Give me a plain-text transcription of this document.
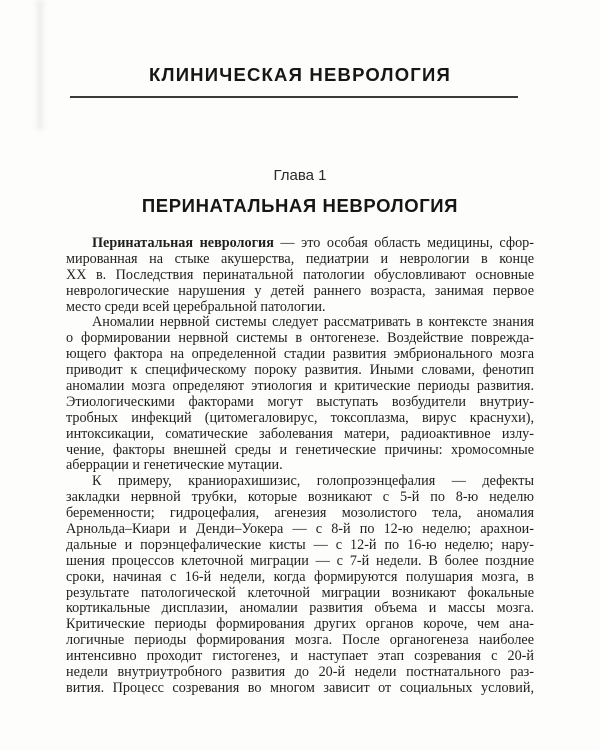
КЛИНИЧЕСКАЯ НЕВРОЛОГИЯ
Глава 1
ПЕРИНАТАЛЬНАЯ НЕВРОЛОГИЯ
Перинатальная неврология — это особая область медицины, сфор-
мированная на стыке акушерства, педиатрии и неврологии в конце
XX в. Последствия перинатальной патологии обусловливают основные
неврологические нарушения у детей раннего возраста, занимая первое
место среди всей церебральной патологии.
Аномалии нервной системы следует рассматривать в контексте знания
о формировании нервной системы в онтогенезе. Воздействие поврежда-
ющего фактора на определенной стадии развития эмбрионального мозга
приводит к специфическому пороку развития. Иными словами, фенотип
аномалии мозга определяют этиология и критические периоды развития.
Этиологическими факторами могут выступать возбудители внутриу-
тробных инфекций (цитомегаловирус, токсоплазма, вирус краснухи),
интоксикации, соматические заболевания матери, радиоактивное излу-
чение, факторы внешней среды и генетические причины: хромосомные
аберрации и генетические мутации.
К примеру, краниорахишизис, голопрозэнцефалия — дефекты
закладки нервной трубки, которые возникают с 5-й по 8-ю неделю
беременности; гидроцефалия, агенезия мозолистого тела, аномалия
Арнольда–Киари и Денди–Уокера — с 8-й по 12-ю неделю; арахнои-
дальные и порэнцефалические кисты — с 12-й по 16-ю неделю; нару-
шения процессов клеточной миграции — с 7-й недели. В более поздние
сроки, начиная с 16-й недели, когда формируются полушария мозга, в
результате патологической клеточной миграции возникают фокальные
кортикальные дисплазии, аномалии развития объема и массы мозга.
Критические периоды формирования других органов короче, чем ана-
логичные периоды формирования мозга. После органогенеза наиболее
интенсивно проходит гистогенез, и наступает этап созревания с 20-й
недели внутриутробного развития до 20-й недели постнатального раз-
вития. Процесс созревания во многом зависит от социальных условий,
